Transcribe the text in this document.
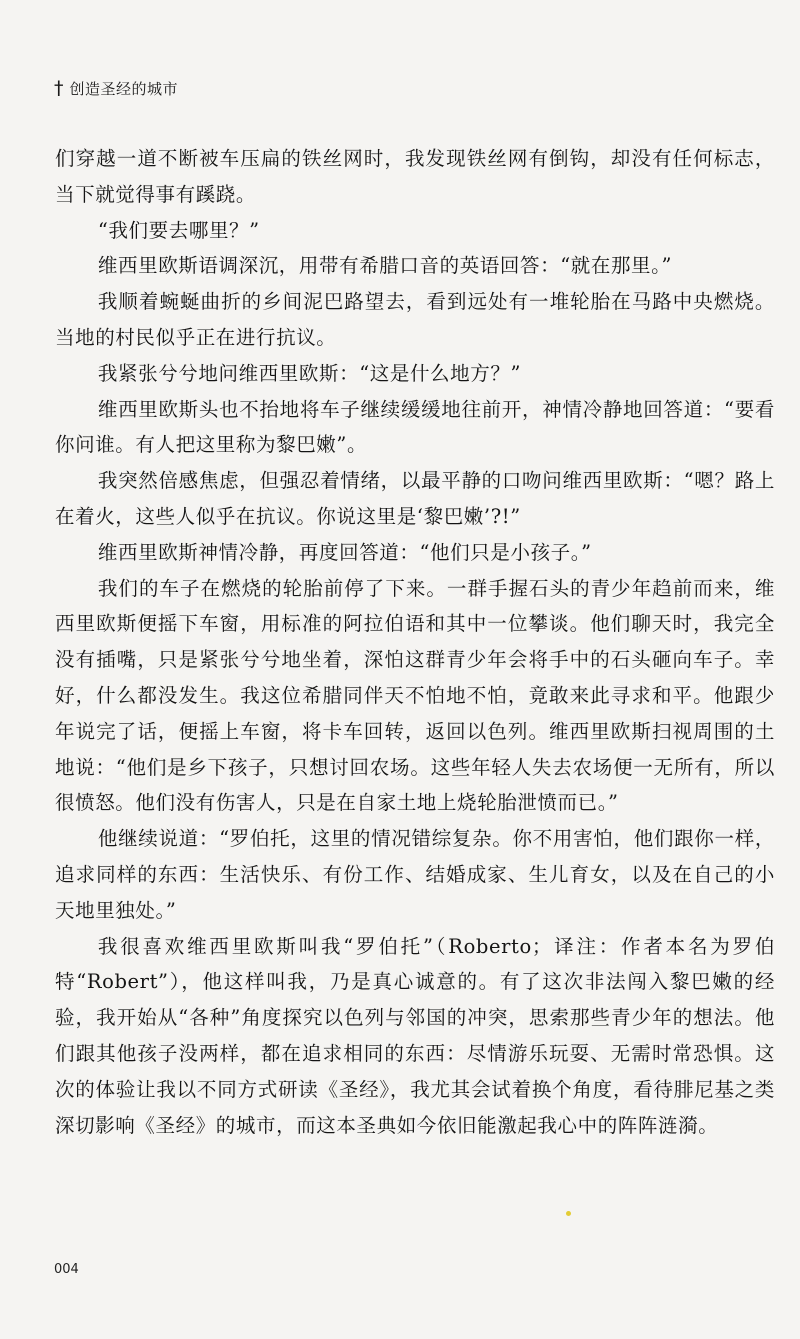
† 创造圣经的城市

们穿越一道不断被车压扁的铁丝网时，我发现铁丝网有倒钩，却没有任何标志，当下就觉得事有蹊跷。

“我们要去哪里？”

维西里欧斯语调深沉，用带有希腊口音的英语回答：“就在那里。”

我顺着蜿蜒曲折的乡间泥巴路望去，看到远处有一堆轮胎在马路中央燃烧。当地的村民似乎正在进行抗议。

我紧张兮兮地问维西里欧斯：“这是什么地方？”

维西里欧斯头也不抬地将车子继续缓缓地往前开，神情冷静地回答道：“要看你问谁。有人把这里称为黎巴嫩”。

我突然倍感焦虑，但强忍着情绪，以最平静的口吻问维西里欧斯：“嗯？路上在着火，这些人似乎在抗议。你说这里是‘黎巴嫩’?!”

维西里欧斯神情冷静，再度回答道：“他们只是小孩子。”

我们的车子在燃烧的轮胎前停了下来。一群手握石头的青少年趋前而来，维西里欧斯便摇下车窗，用标准的阿拉伯语和其中一位攀谈。他们聊天时，我完全没有插嘴，只是紧张兮兮地坐着，深怕这群青少年会将手中的石头砸向车子。幸好，什么都没发生。我这位希腊同伴天不怕地不怕，竟敢来此寻求和平。他跟少年说完了话，便摇上车窗，将卡车回转，返回以色列。维西里欧斯扫视周围的土地说：“他们是乡下孩子，只想讨回农场。这些年轻人失去农场便一无所有，所以很愤怒。他们没有伤害人，只是在自家土地上烧轮胎泄愤而已。”

他继续说道：“罗伯托，这里的情况错综复杂。你不用害怕，他们跟你一样，追求同样的东西：生活快乐、有份工作、结婚成家、生儿育女，以及在自己的小天地里独处。”

我很喜欢维西里欧斯叫我“罗伯托”（Roberto；译注：作者本名为罗伯特“Robert”），他这样叫我，乃是真心诚意的。有了这次非法闯入黎巴嫩的经验，我开始从“各种”角度探究以色列与邻国的冲突，思索那些青少年的想法。他们跟其他孩子没两样，都在追求相同的东西：尽情游乐玩耍、无需时常恐惧。这次的体验让我以不同方式研读《圣经》，我尤其会试着换个角度，看待腓尼基之类深切影响《圣经》的城市，而这本圣典如今依旧能激起我心中的阵阵涟漪。

004
